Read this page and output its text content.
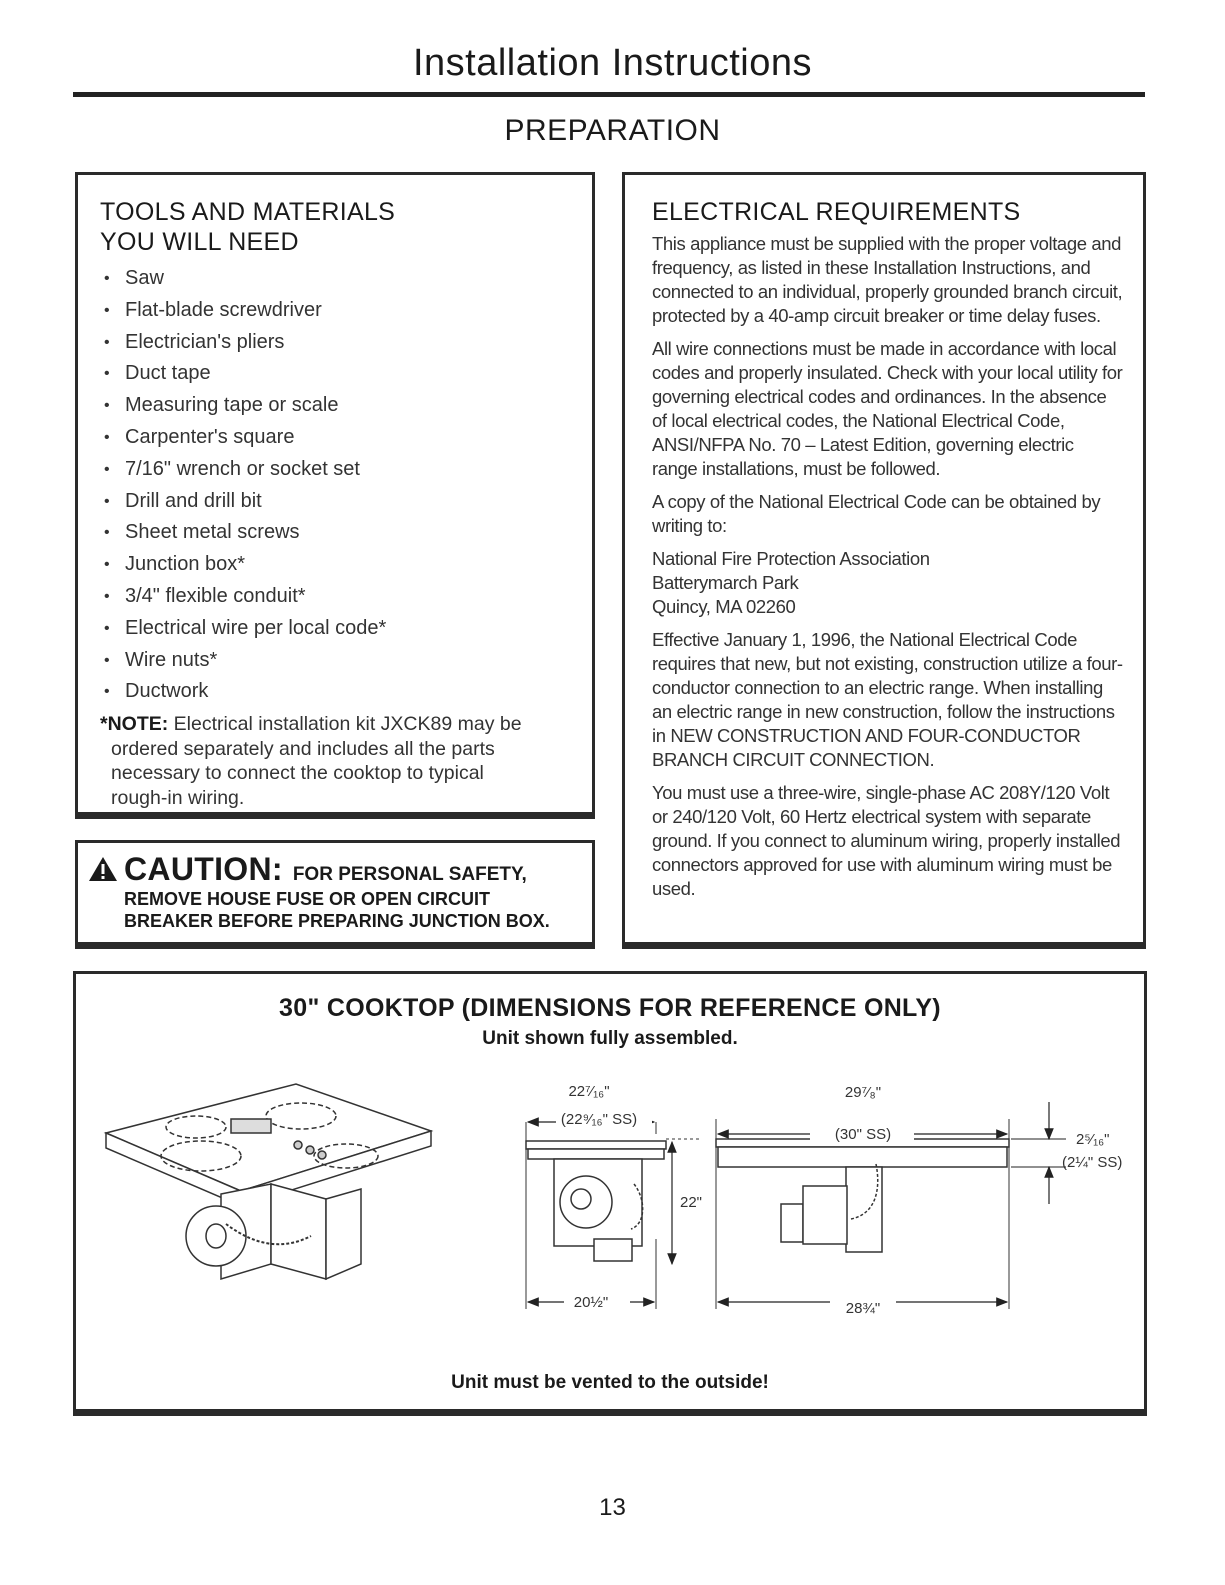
Installation Instructions
PREPARATION
TOOLS AND MATERIALS
YOU WILL NEED
• Saw
• Flat-blade screwdriver
• Electrician's pliers
• Duct tape
• Measuring tape or scale
• Carpenter's square
• 7/16" wrench or socket set
• Drill and drill bit
• Sheet metal screws
• Junction box*
• 3/4" flexible conduit*
• Electrical wire per local code*
• Wire nuts*
• Ductwork
*NOTE: Electrical installation kit JXCK89 may be
ordered separately and includes all the parts
necessary to connect the cooktop to typical
rough-in wiring.
CAUTION: FOR PERSONAL SAFETY,
REMOVE HOUSE FUSE OR OPEN CIRCUIT
BREAKER BEFORE PREPARING JUNCTION BOX.
ELECTRICAL REQUIREMENTS

This appliance must be supplied with the proper voltage and frequency, as listed in these Installation Instructions, and connected to an individual, properly grounded branch circuit, protected by a 40-amp circuit breaker or time delay fuses.

All wire connections must be made in accordance with local codes and properly insulated. Check with your local utility for governing electrical codes and ordinances. In the absence of local electrical codes, the National Electrical Code, ANSI/NFPA No. 70 – Latest Edition, governing electric range installations, must be followed.

A copy of the National Electrical Code can be obtained by writing to:

National Fire Protection Association
Batterymarch Park
Quincy, MA 02260

Effective January 1, 1996, the National Electrical Code requires that new, but not existing, construction utilize a four-conductor connection to an electric range. When installing an electric range in new construction, follow the instructions in NEW CONSTRUCTION AND FOUR-CONDUCTOR BRANCH CIRCUIT CONNECTION.

You must use a three-wire, single-phase AC 208Y/120 Volt or 240/120 Volt, 60 Hertz electrical system with separate ground. If you connect to aluminum wiring, properly installed connectors approved for use with aluminum wiring must be used.

30" COOKTOP (DIMENSIONS FOR REFERENCE ONLY)
Unit shown fully assembled.
22⁷⁄₁₆"
(22⁹⁄₁₆" SS)
22"
20½"
29⁷⁄₈"
(30" SS)
28¾"
2⁵⁄₁₆"
(2¼" SS)
Unit must be vented to the outside!
13
